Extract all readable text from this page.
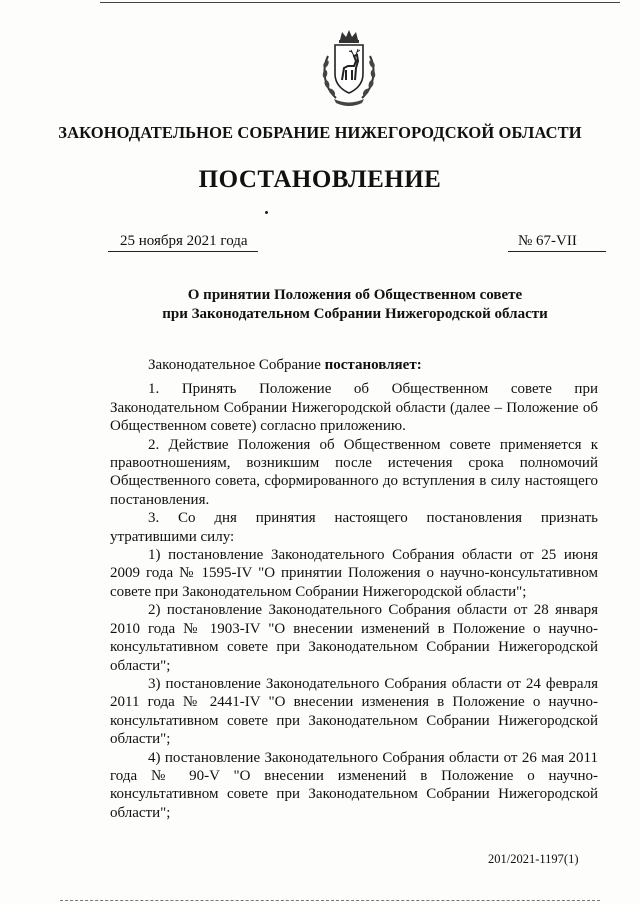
ЗАКОНОДАТЕЛЬНОЕ СОБРАНИЕ НИЖЕГОРОДСКОЙ ОБЛАСТИ
ПОСТАНОВЛЕНИЕ
25 ноября 2021 года	№ 67-VII
О принятии Положения об Общественном совете
при Законодательном Собрании Нижегородской области

Законодательное Собрание постановляет:

1. Принять Положение об Общественном совете при Законодательном Собрании Нижегородской области (далее – Положение об Общественном совете) согласно приложению.

2. Действие Положения об Общественном совете применяется к правоотношениям, возникшим после истечения срока полномочий Общественного совета, сформированного до вступления в силу настоящего постановления.

3. Со дня принятия настоящего постановления признать утратившими силу:

1) постановление Законодательного Собрания области от 25 июня 2009 года № 1595-IV "О принятии Положения о научно-консультативном совете при Законодательном Собрании Нижегородской области";

2) постановление Законодательного Собрания области от 28 января 2010 года № 1903-IV "О внесении изменений в Положение о научно-консультативном совете при Законодательном Собрании Нижегородской области";

3) постановление Законодательного Собрания области от 24 февраля 2011 года № 2441-IV "О внесении изменения в Положение о научно-консультативном совете при Законодательном Собрании Нижегородской области";

4) постановление Законодательного Собрания области от 26 мая 2011 года № 90-V "О внесении изменений в Положение о научно-консультативном совете при Законодательном Собрании Нижегородской области";

201/2021-1197(1)
